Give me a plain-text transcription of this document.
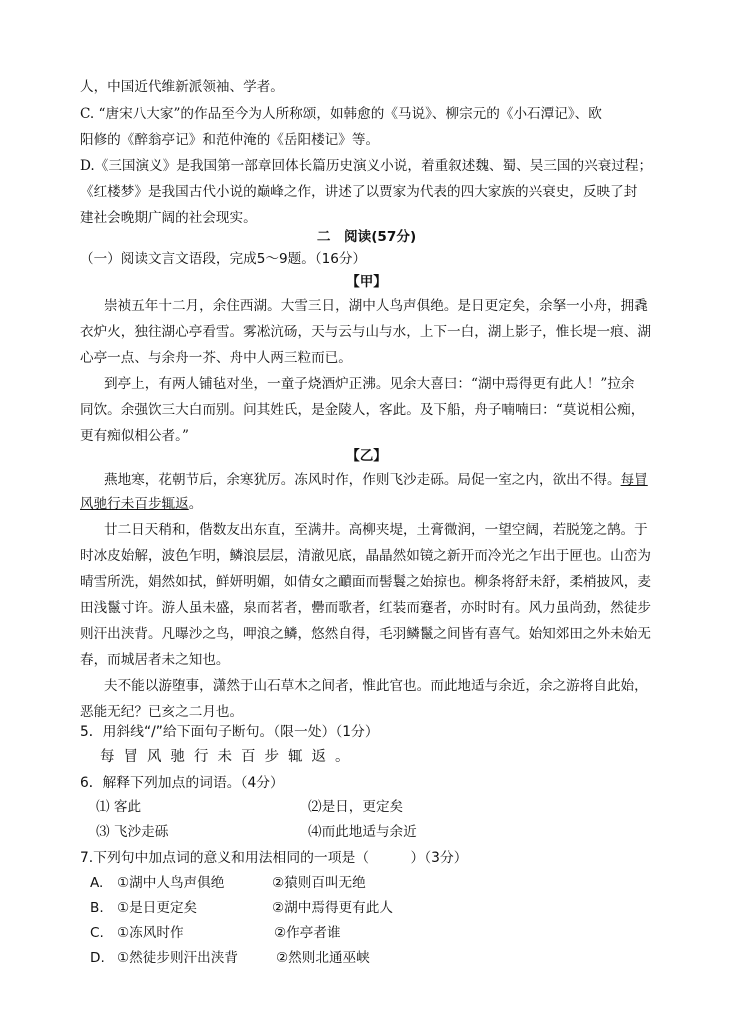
人，中国近代维新派领袖、学者。
C. “唐宋八大家”的作品至今为人所称颂，如韩愈的《马说》、柳宗元的《小石潭记》、欧
阳修的《醉翁亭记》和范仲淹的《岳阳楼记》等。
D.《三国演义》是我国第一部章回体长篇历史演义小说，着重叙述魏、蜀、吴三国的兴衰过程；
《红楼梦》是我国古代小说的巅峰之作，讲述了以贾家为代表的四大家族的兴衰史，反映了封
建社会晚期广阔的社会现实。
二　阅读(57分)
（一）阅读文言文语段，完成5～9题。（16分）
【甲】
崇祯五年十二月，余住西湖。大雪三日，湖中人鸟声俱绝。是日更定矣，余拏一小舟，拥毳
衣炉火，独往湖心亭看雪。雾凇沆砀，天与云与山与水，上下一白，湖上影子，惟长堤一痕、湖
心亭一点、与余舟一芥、舟中人两三粒而已。
到亭上，有两人铺毡对坐，一童子烧酒炉正沸。见余大喜曰：“湖中焉得更有此人！”拉余
同饮。余强饮三大白而别。问其姓氏，是金陵人，客此。及下船，舟子喃喃曰：“莫说相公痴，
更有痴似相公者。”
【乙】
燕地寒，花朝节后，余寒犹厉。冻风时作，作则飞沙走砾。局促一室之内，欲出不得。每冒
风驰行未百步辄返。
廿二日天稍和，偕数友出东直，至满井。高柳夹堤，土膏微润，一望空阔，若脱笼之鹄。于
时冰皮始解，波色乍明，鳞浪层层，清澈见底，晶晶然如镜之新开而冷光之乍出于匣也。山峦为
晴雪所洗，娟然如拭，鲜妍明媚，如倩女之靧面而髻鬟之始掠也。柳条将舒未舒，柔梢披风，麦
田浅鬣寸许。游人虽未盛，泉而茗者，罍而歌者，红装而蹇者，亦时时有。风力虽尚劲，然徒步
则汗出浃背。凡曝沙之鸟，呷浪之鳞，悠然自得，毛羽鳞鬣之间皆有喜气。始知郊田之外未始无
春，而城居者未之知也。
夫不能以游堕事，潇然于山石草木之间者，惟此官也。而此地适与余近，余之游将自此始，
恶能无纪？已亥之二月也。
5．用斜线“/”给下面句子断句。（限一处）（1分）
每冒风驰行未百步辄返。
6．解释下列加点的词语。（4分）
⑴ 客此	⑵是日，更定矣
⑶ 飞沙走砾	⑷而此地适与余近
7.下列句中加点词的意义和用法相同的一项是（　　　）（3分）
A. ①湖中人鸟声俱绝	②猿则百叫无绝
B. ①是日更定矣	②湖中焉得更有此人
C. ①冻风时作	②作亭者谁
D. ①然徒步则汗出浃背	②然则北通巫峡
